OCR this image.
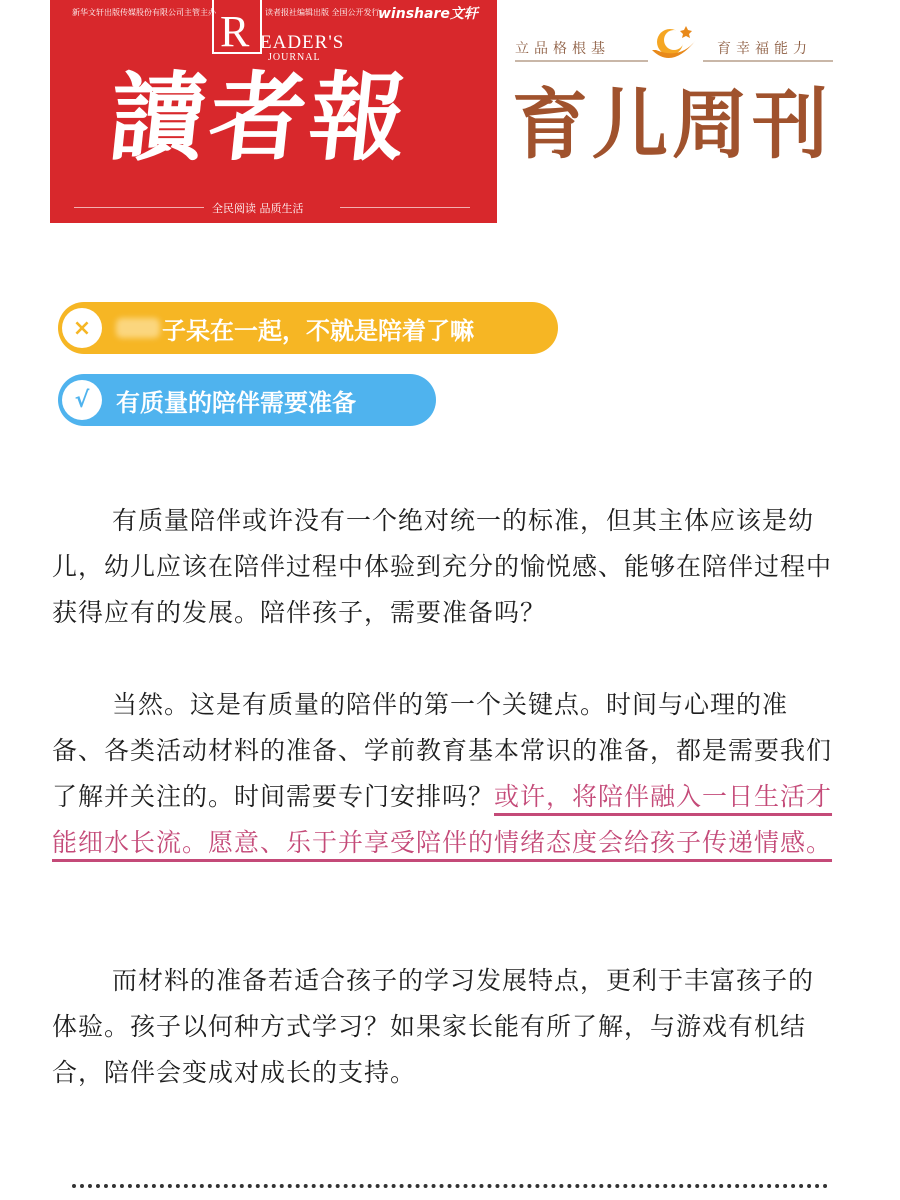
新华文轩出版传媒股份有限公司主管主办	读者报社编辑出版 全国公开发行
winshare文轩
R EADER'S
JOURNAL
讀者報
全民阅读 品质生活
立品格根基	育幸福能力
育儿周刊
×	子呆在一起，不就是陪着了嘛
√	有质量的陪伴需要准备

有质量陪伴或许没有一个绝对统一的标准，但其主体应该是幼儿，幼儿应该在陪伴过程中体验到充分的愉悦感、能够在陪伴过程中获得应有的发展。陪伴孩子，需要准备吗？

当然。这是有质量的陪伴的第一个关键点。时间与心理的准备、各类活动材料的准备、学前教育基本常识的准备，都是需要我们了解并关注的。时间需要专门安排吗？或许，将陪伴融入一日生活才能细水长流。愿意、乐于并享受陪伴的情绪态度会给孩子传递情感。

而材料的准备若适合孩子的学习发展特点，更利于丰富孩子的体验。孩子以何种方式学习？如果家长能有所了解，与游戏有机结合，陪伴会变成对成长的支持。
